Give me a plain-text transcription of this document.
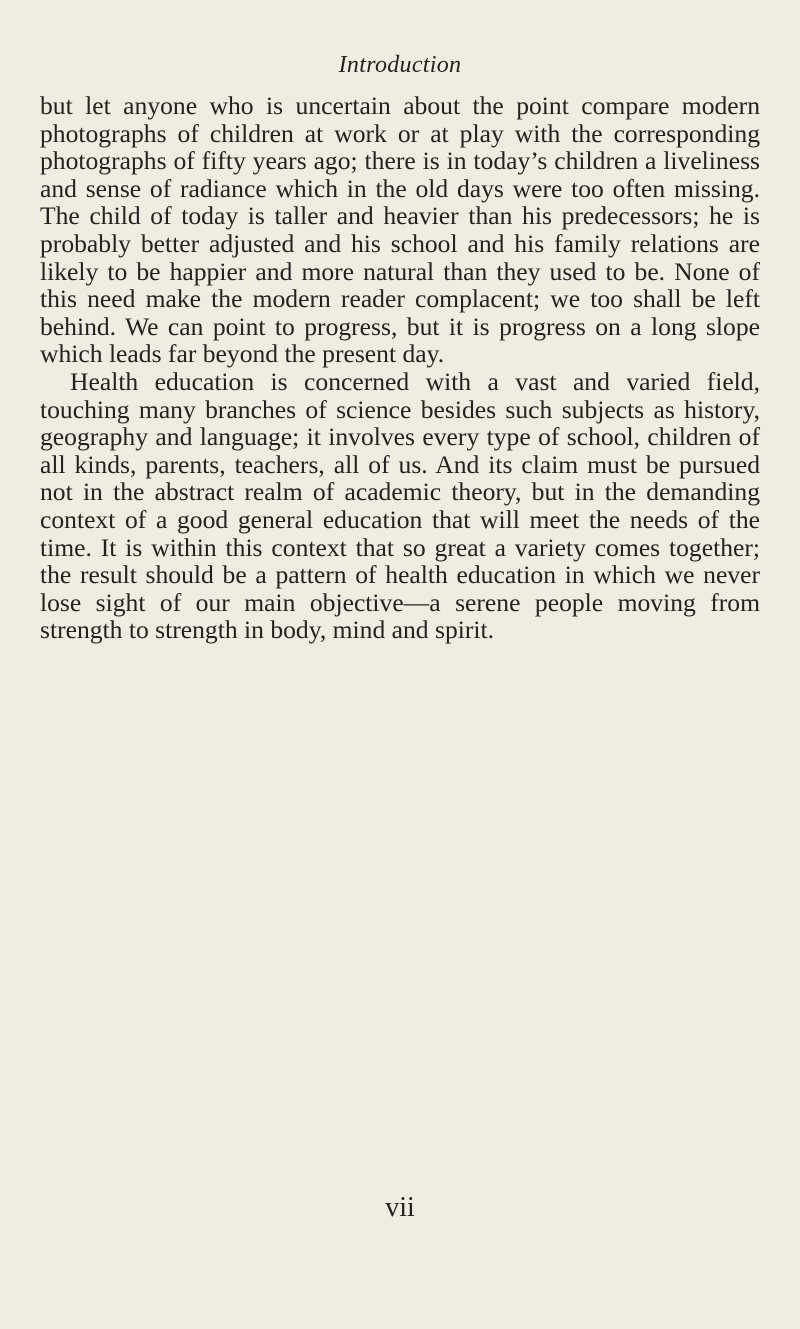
Introduction

but let anyone who is uncertain about the point compare modern photographs of children at work or at play with the corresponding photographs of fifty years ago; there is in today’s children a liveliness and sense of radiance which in the old days were too often missing. The child of today is taller and heavier than his predecessors; he is probably better adjusted and his school and his family relations are likely to be happier and more natural than they used to be. None of this need make the modern reader complacent; we too shall be left behind. We can point to progress, but it is progress on a long slope which leads far beyond the present day.

Health education is concerned with a vast and varied field, touching many branches of science besides such subjects as history, geography and language; it involves every type of school, children of all kinds, parents, teachers, all of us. And its claim must be pursued not in the abstract realm of academic theory, but in the demanding context of a good general education that will meet the needs of the time. It is within this context that so great a variety comes together; the result should be a pattern of health education in which we never lose sight of our main objective—a serene people moving from strength to strength in body, mind and spirit.

vii
